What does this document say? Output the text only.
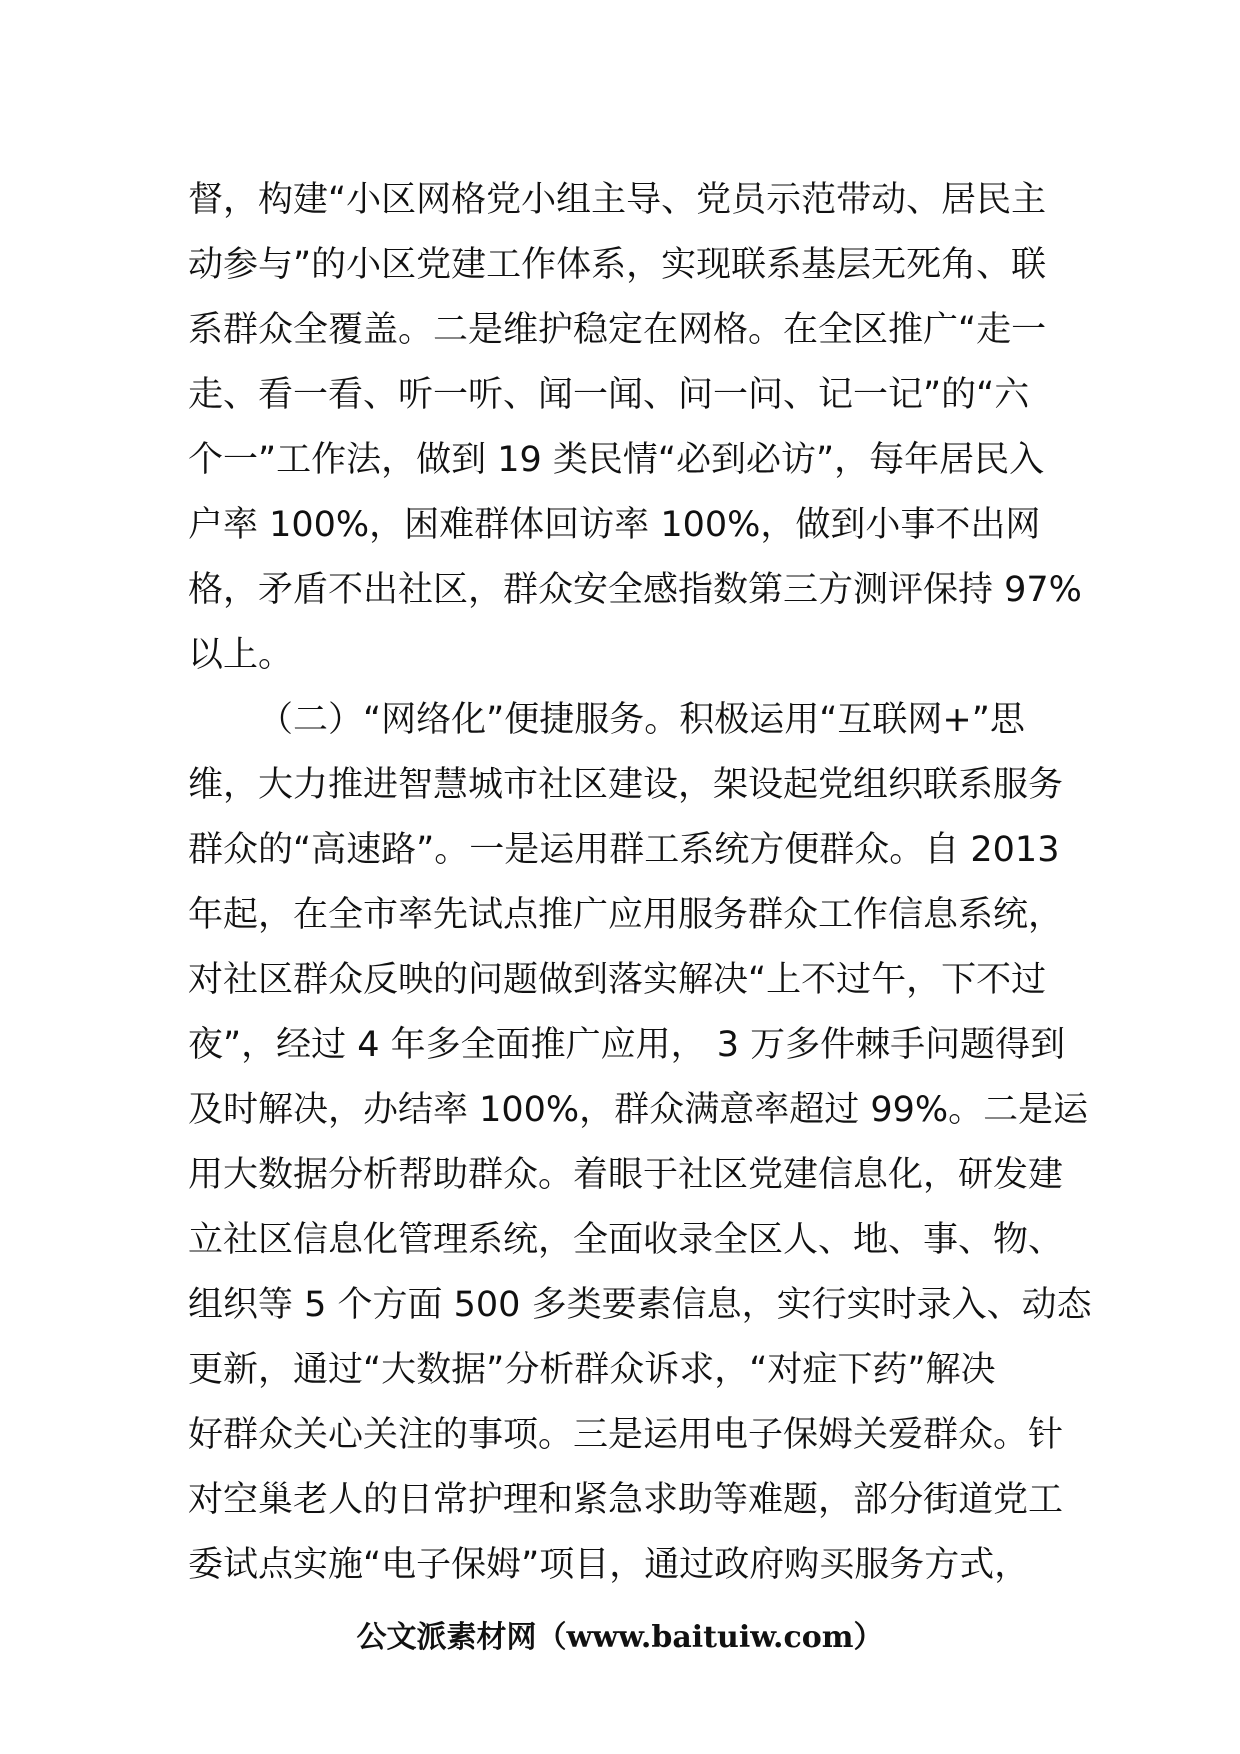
督，构建“小区网格党小组主导、党员示范带动、居民主
动参与”的小区党建工作体系，实现联系基层无死角、联
系群众全覆盖。二是维护稳定在网格。在全区推广“走一
走、看一看、听一听、闻一闻、问一问、记一记”的“六
个一”工作法，做到 19 类民情“必到必访”，每年居民入
户率 100%，困难群体回访率 100%，做到小事不出网
格，矛盾不出社区，群众安全感指数第三方测评保持 97%
以上。
（二）“网络化”便捷服务。积极运用“互联网+”思
维，大力推进智慧城市社区建设，架设起党组织联系服务
群众的“高速路”。一是运用群工系统方便群众。自 2013
年起，在全市率先试点推广应用服务群众工作信息系统，
对社区群众反映的问题做到落实解决“上不过午，下不过
夜”，经过 4 年多全面推广应用， 3 万多件棘手问题得到
及时解决，办结率 100%，群众满意率超过 99%。二是运
用大数据分析帮助群众。着眼于社区党建信息化，研发建
立社区信息化管理系统，全面收录全区人、地、事、物、
组织等 5 个方面 500 多类要素信息，实行实时录入、动态
更新，通过“大数据”分析群众诉求，“对症下药”解决
好群众关心关注的事项。三是运用电子保姆关爱群众。针
对空巢老人的日常护理和紧急求助等难题，部分街道党工
委试点实施“电子保姆”项目，通过政府购买服务方式，
公文派素材网（www.baituiw.com）
